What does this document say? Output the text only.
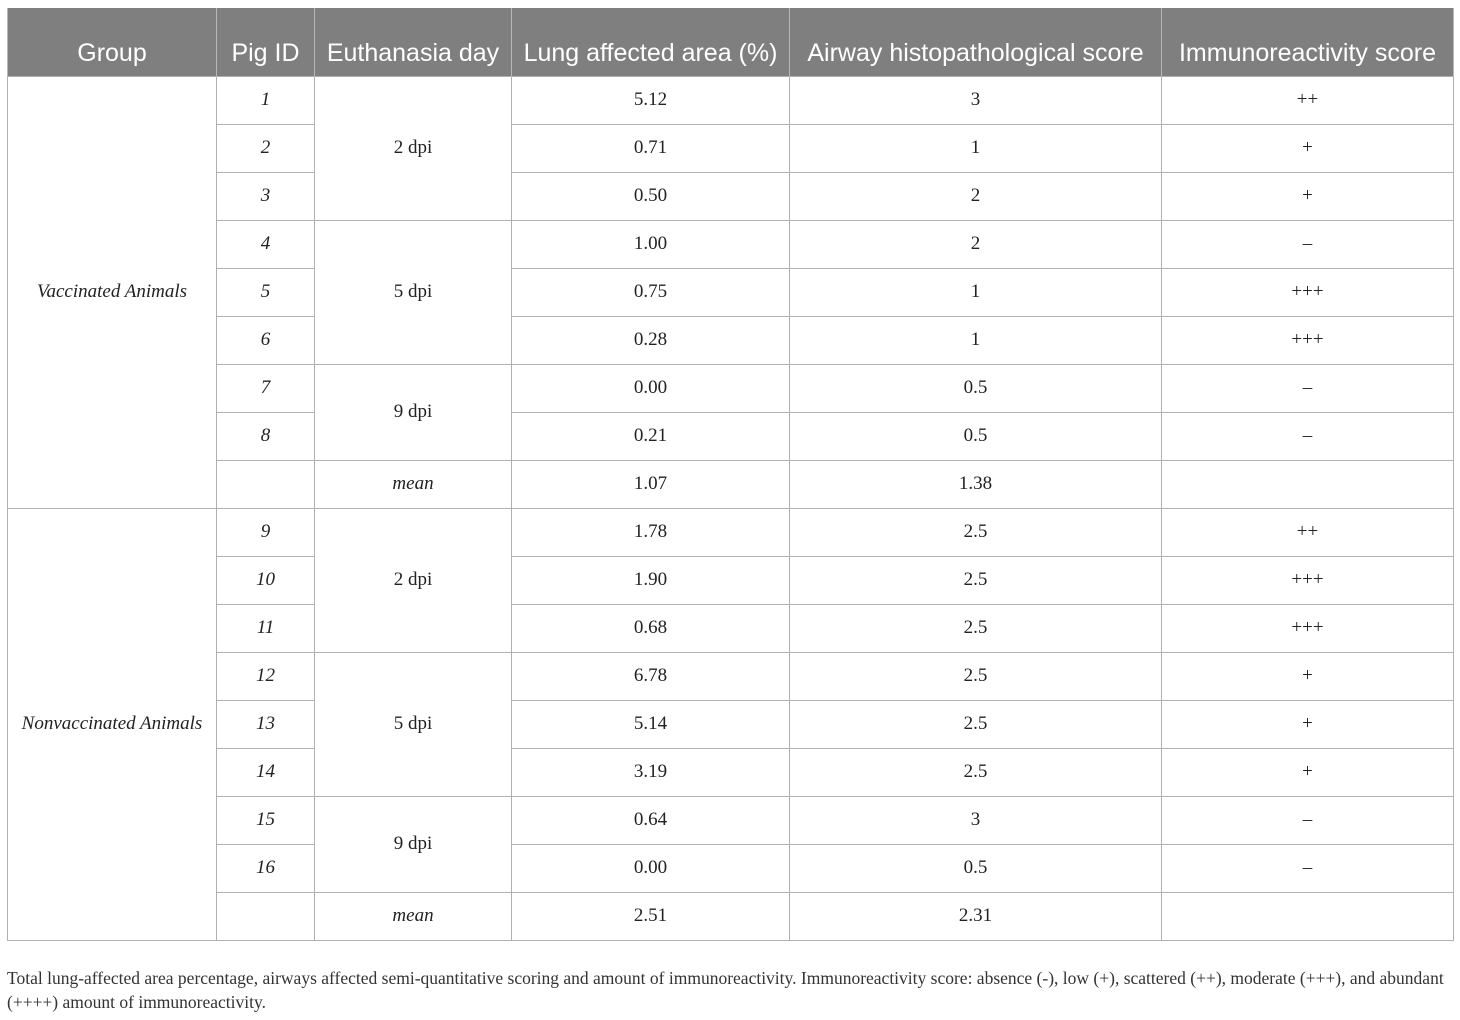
Group	Pig ID	Euthanasia day	Lung affected area (%)	Airway histopathological score	Immunoreactivity score
Vaccinated Animals	1	2 dpi	5.12	3	++
	2		0.71	1	+
	3		0.50	2	+
	4	5 dpi	1.00	2	–
	5		0.75	1	+++
	6		0.28	1	+++
	7	9 dpi	0.00	0.5	–
	8		0.21	0.5	–
		mean	1.07	1.38	
Nonvaccinated Animals	9	2 dpi	1.78	2.5	++
	10		1.90	2.5	+++
	11		0.68	2.5	+++
	12	5 dpi	6.78	2.5	+
	13		5.14	2.5	+
	14		3.19	2.5	+
	15	9 dpi	0.64	3	–
	16		0.00	0.5	–
		mean	2.51	2.31	
Total lung-affected area percentage, airways affected semi-quantitative scoring and amount of immunoreactivity. Immunoreactivity score: absence (-), low (+), scattered (++), moderate (+++), and abundant (++++) amount of immunoreactivity.
